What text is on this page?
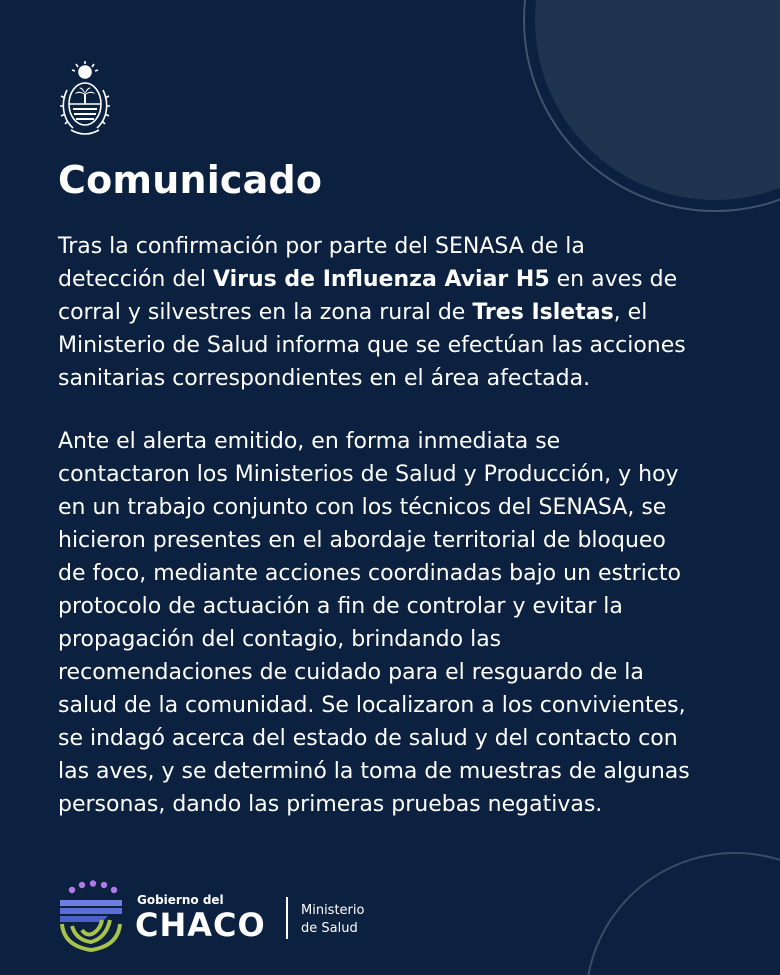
Comunicado

Tras la confirmación por parte del SENASA de la
detección del Virus de Influenza Aviar H5 en aves de
corral y silvestres en la zona rural de Tres Isletas, el
Ministerio de Salud informa que se efectúan las acciones
sanitarias correspondientes en el área afectada.

Ante el alerta emitido, en forma inmediata se
contactaron los Ministerios de Salud y Producción, y hoy
en un trabajo conjunto con los técnicos del SENASA, se
hicieron presentes en el abordaje territorial de bloqueo
de foco, mediante acciones coordinadas bajo un estricto
protocolo de actuación a fin de controlar y evitar la
propagación del contagio, brindando las
recomendaciones de cuidado para el resguardo de la
salud de la comunidad. Se localizaron a los convivientes,
se indagó acerca del estado de salud y del contacto con
las aves, y se determinó la toma de muestras de algunas
personas, dando las primeras pruebas negativas.

Gobierno del

CHACO	Ministerio
de Salud
